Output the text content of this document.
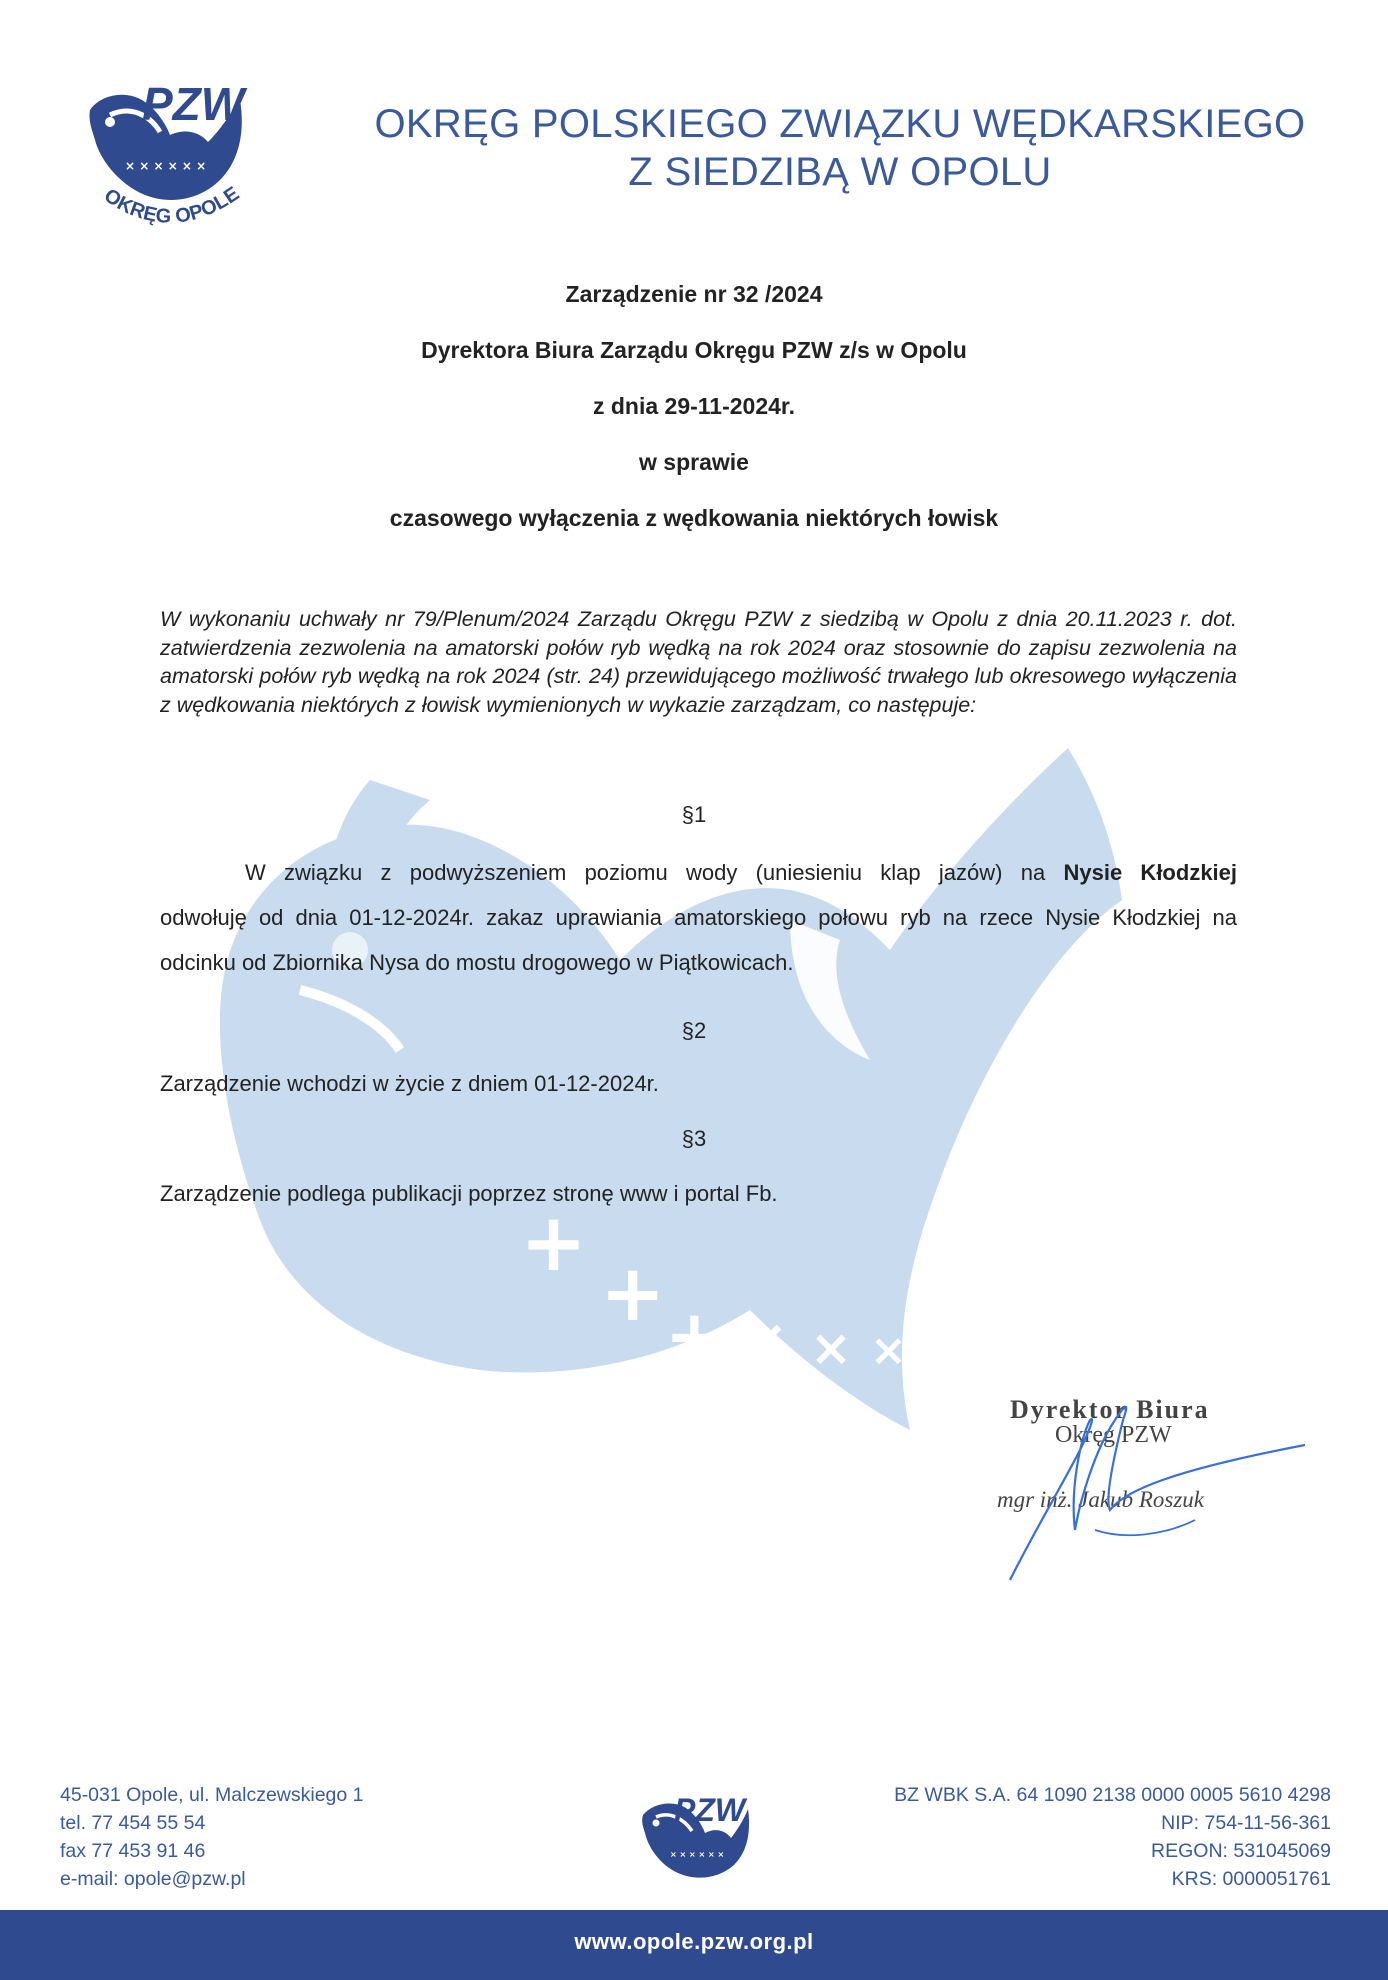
+
+ + × × ×
PZW
× × × × × ×
OKRĘG OPOLE
OKRĘG POLSKIEGO ZWIĄZKU WĘDKARSKIEGO
Z SIEDZIBĄ W OPOLU
Zarządzenie nr 32 /2024
Dyrektora Biura Zarządu Okręgu PZW z/s w Opolu
z dnia 29-11-2024r.
w sprawie
czasowego wyłączenia z wędkowania niektórych łowisk
W wykonaniu uchwały nr 79/Plenum/2024 Zarządu Okręgu PZW z siedzibą w Opolu z dnia 20.11.2023 r. dot. zatwierdzenia zezwolenia na amatorski połów ryb wędką na rok 2024 oraz stosownie do zapisu zezwolenia na amatorski połów ryb wędką na rok 2024 (str. 24) przewidującego możliwość trwałego lub okresowego wyłączenia z wędkowania niektórych z łowisk wymienionych w wykazie zarządzam, co następuje:
§1
W związku z podwyższeniem poziomu wody (uniesieniu klap jazów) na Nysie Kłodzkiej
odwołuję od dnia 01-12-2024r. zakaz uprawiania amatorskiego połowu ryb na rzece Nysie Kłodzkiej na odcinku od Zbiornika Nysa do mostu drogowego w Piątkowicach.
§2
Zarządzenie wchodzi w życie z dniem 01-12-2024r.
§3
Zarządzenie podlega publikacji poprzez stronę www i portal Fb.
Dyrektor Biura
Okręg PZW
mgr inż. Jakub Roszuk
45-031 Opole, ul. Malczewskiego 1
tel. 77 454 55 54
fax 77 453 91 46
e-mail: opole@pzw.pl
PZW
× × × × × ×
BZ WBK S.A. 64 1090 2138 0000 0005 5610 4298
NIP: 754-11-56-361
REGON: 531045069
KRS: 0000051761
www.opole.pzw.org.pl
